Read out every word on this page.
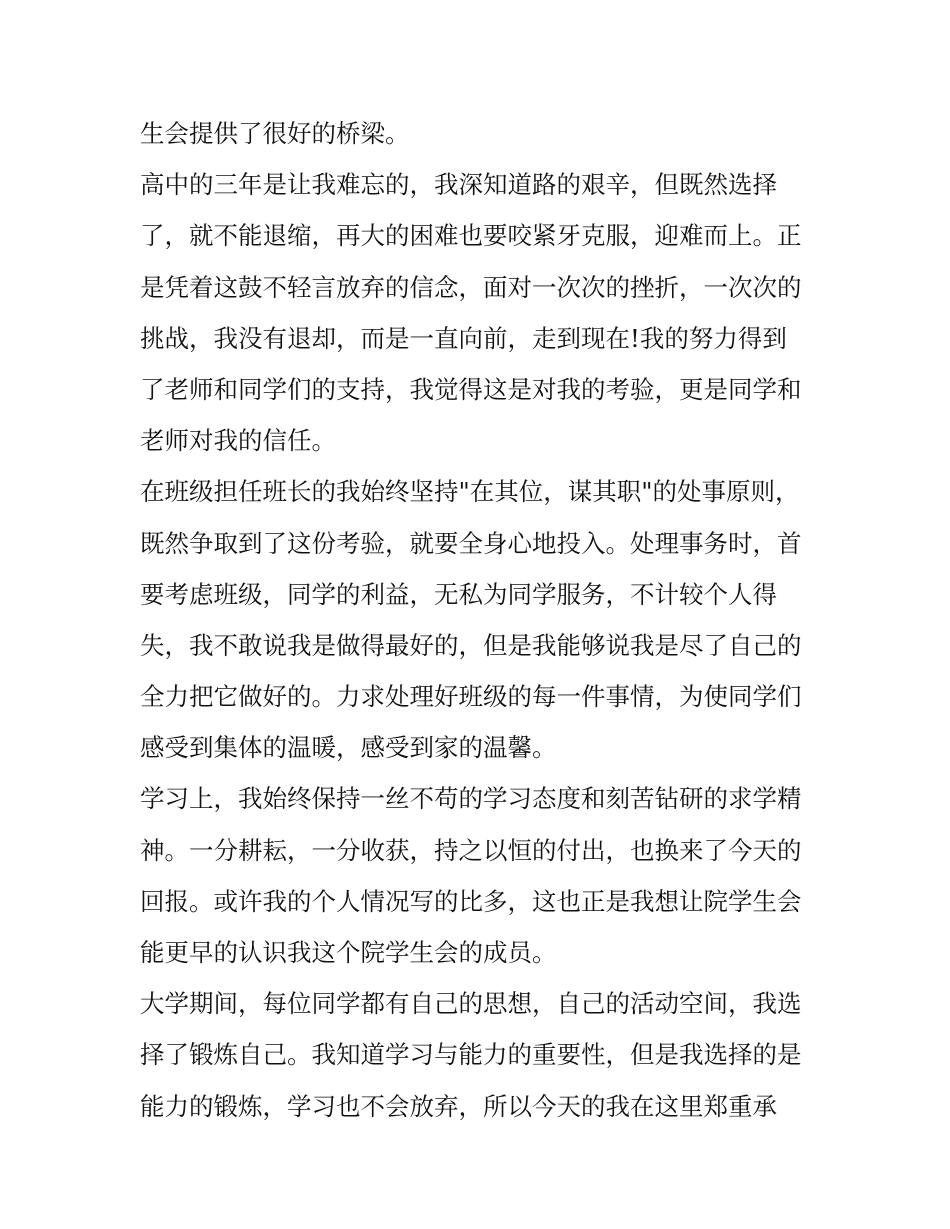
生会提供了很好的桥梁。
高中的三年是让我难忘的，我深知道路的艰辛，但既然选择
了，就不能退缩，再大的困难也要咬紧牙克服，迎难而上。正
是凭着这鼓不轻言放弃的信念，面对一次次的挫折，一次次的
挑战，我没有退却，而是一直向前，走到现在!我的努力得到
了老师和同学们的支持，我觉得这是对我的考验，更是同学和
老师对我的信任。
在班级担任班长的我始终坚持"在其位，谋其职"的处事原则，
既然争取到了这份考验，就要全身心地投入。处理事务时，首
要考虑班级，同学的利益，无私为同学服务，不计较个人得
失，我不敢说我是做得最好的，但是我能够说我是尽了自己的
全力把它做好的。力求处理好班级的每一件事情，为使同学们
感受到集体的温暖，感受到家的温馨。
学习上，我始终保持一丝不苟的学习态度和刻苦钻研的求学精
神。一分耕耘，一分收获，持之以恒的付出，也换来了今天的
回报。或许我的个人情况写的比多，这也正是我想让院学生会
能更早的认识我这个院学生会的成员。
大学期间，每位同学都有自己的思想，自己的活动空间，我选
择了锻炼自己。我知道学习与能力的重要性，但是我选择的是
能力的锻炼，学习也不会放弃，所以今天的我在这里郑重承
